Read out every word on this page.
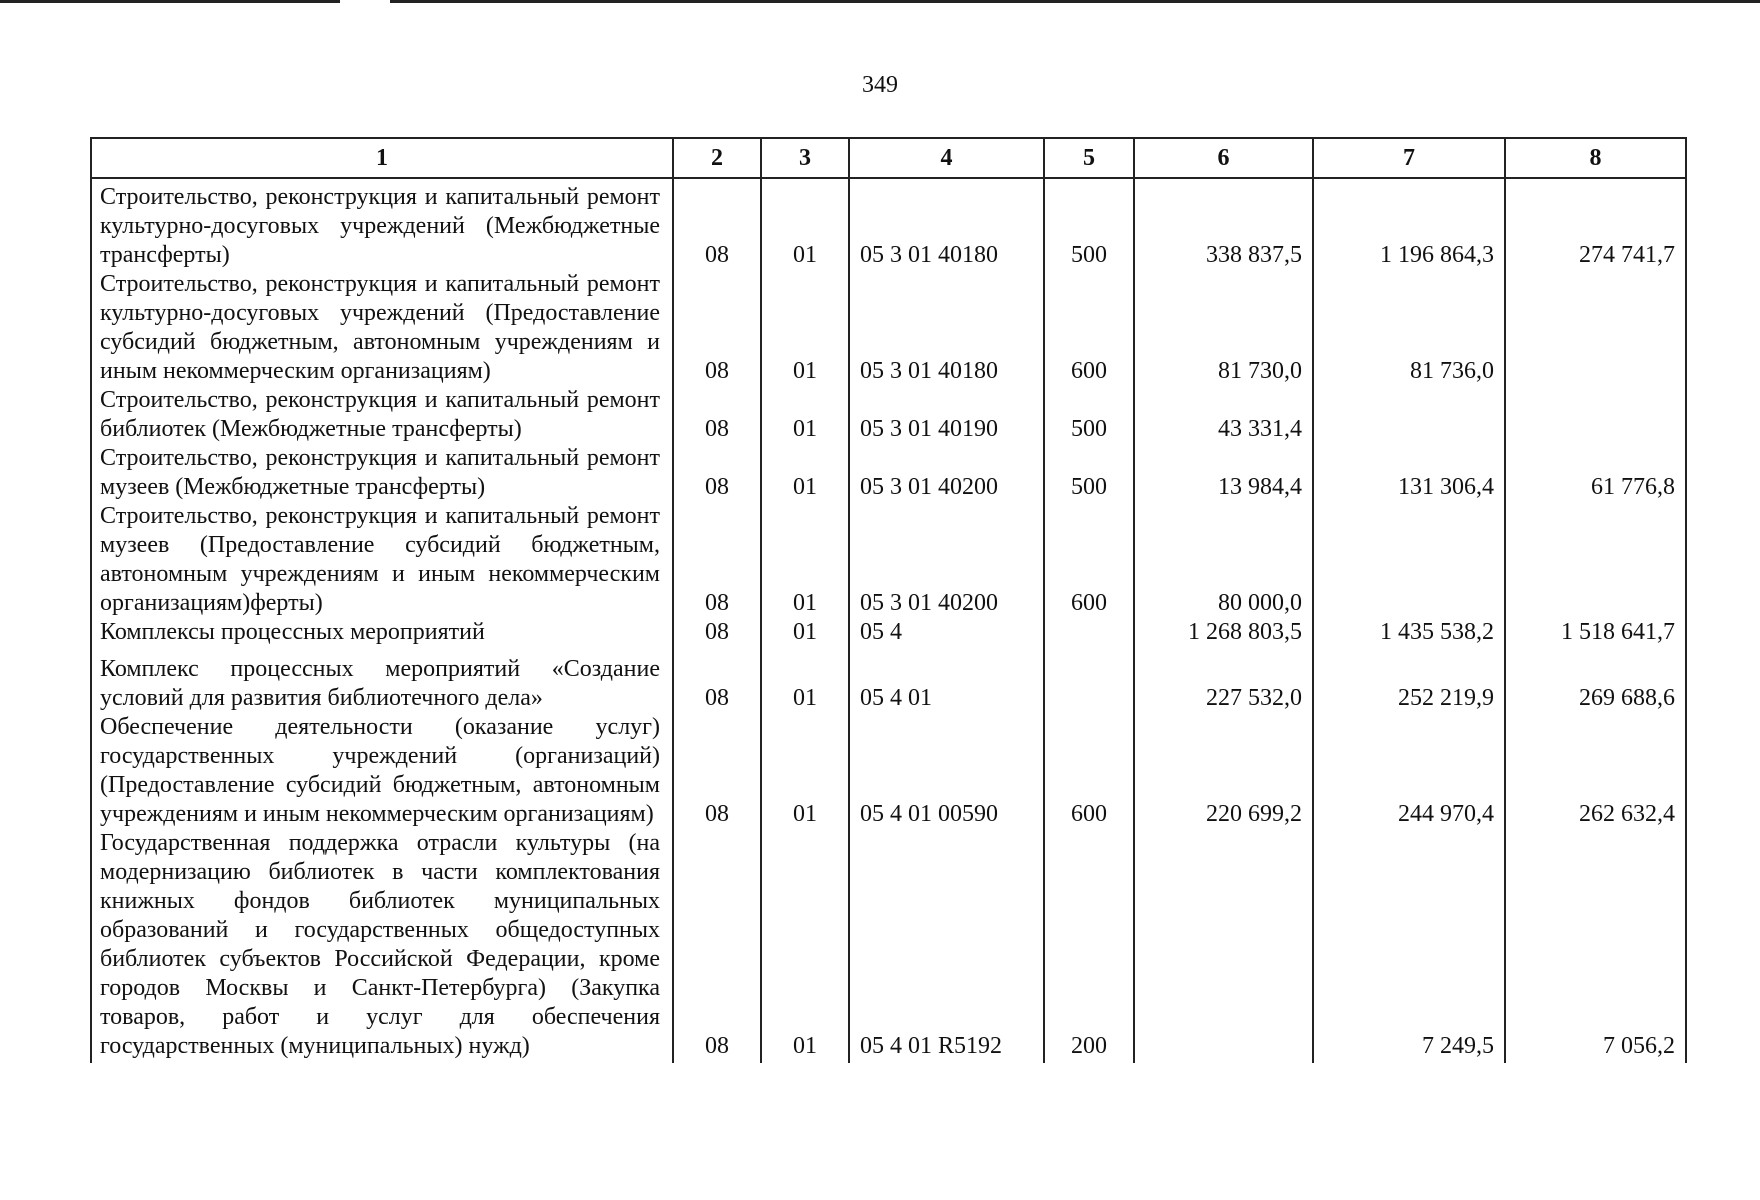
349
1	2	3	4	5	6	7	8
Строительство, реконструкция и капитальный ремонт культурно-досуговых учреждений (Межбюджетные трансферты)	08	01	05 3 01 40180	500	338 837,5	1 196 864,3	274 741,7
Строительство, реконструкция и капитальный ремонт культурно-досуговых учреждений (Предоставление субсидий бюджетным, автономным учреждениям и иным некоммерческим организациям)	08	01	05 3 01 40180	600	81 730,0	81 736,0	
Строительство, реконструкция и капитальный ремонт библиотек (Межбюджетные трансферты)	08	01	05 3 01 40190	500	43 331,4		
Строительство, реконструкция и капитальный ремонт музеев (Межбюджетные трансферты)	08	01	05 3 01 40200	500	13 984,4	131 306,4	61 776,8
Строительство, реконструкция и капитальный ремонт музеев (Предоставление субсидий бюджетным, автономным учреждениям и иным некоммерческим организациям)ферты)	08	01	05 3 01 40200	600	80 000,0		
Комплексы процессных мероприятий	08	01	05 4		1 268 803,5	1 435 538,2	1 518 641,7
Комплекс процессных мероприятий «Создание условий для развития библиотечного дела»	08	01	05 4 01		227 532,0	252 219,9	269 688,6
Обеспечение деятельности (оказание услуг) государственных учреждений (организаций) (Предоставление субсидий бюджетным, автономным учреждениям и иным некоммерческим организациям)	08	01	05 4 01 00590	600	220 699,2	244 970,4	262 632,4
Государственная поддержка отрасли культуры (на модернизацию библиотек в части комплектования книжных фондов библиотек муниципальных образований и государственных общедоступных библиотек субъектов Российской Федерации, кроме городов Москвы и Санкт-Петербурга) (Закупка товаров, работ и услуг для обеспечения государственных (муниципальных) нужд)	08	01	05 4 01 R5192	200		7 249,5	7 056,2
